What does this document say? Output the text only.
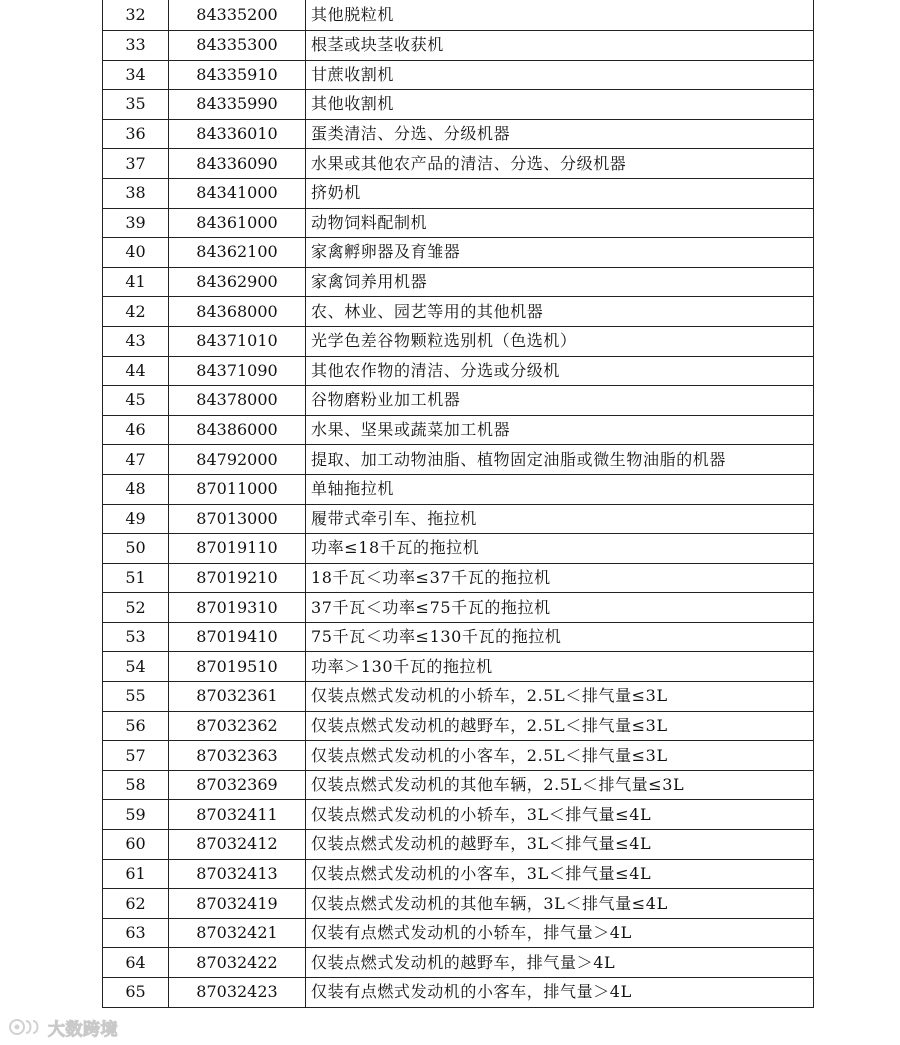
32	84335200	其他脱粒机
33	84335300	根茎或块茎收获机
34	84335910	甘蔗收割机
35	84335990	其他收割机
36	84336010	蛋类清洁、分选、分级机器
37	84336090	水果或其他农产品的清洁、分选、分级机器
38	84341000	挤奶机
39	84361000	动物饲料配制机
40	84362100	家禽孵卵器及育雏器
41	84362900	家禽饲养用机器
42	84368000	农、林业、园艺等用的其他机器
43	84371010	光学色差谷物颗粒选别机（色选机）
44	84371090	其他农作物的清洁、分选或分级机
45	84378000	谷物磨粉业加工机器
46	84386000	水果、坚果或蔬菜加工机器
47	84792000	提取、加工动物油脂、植物固定油脂或微生物油脂的机器
48	87011000	单轴拖拉机
49	87013000	履带式牵引车、拖拉机
50	87019110	功率≤18千瓦的拖拉机
51	87019210	18千瓦＜功率≤37千瓦的拖拉机
52	87019310	37千瓦＜功率≤75千瓦的拖拉机
53	87019410	75千瓦＜功率≤130千瓦的拖拉机
54	87019510	功率＞130千瓦的拖拉机
55	87032361	仅装点燃式发动机的小轿车，2.5L＜排气量≤3L
56	87032362	仅装点燃式发动机的越野车，2.5L＜排气量≤3L
57	87032363	仅装点燃式发动机的小客车，2.5L＜排气量≤3L
58	87032369	仅装点燃式发动机的其他车辆，2.5L＜排气量≤3L
59	87032411	仅装点燃式发动机的小轿车，3L＜排气量≤4L
60	87032412	仅装点燃式发动机的越野车，3L＜排气量≤4L
61	87032413	仅装点燃式发动机的小客车，3L＜排气量≤4L
62	87032419	仅装点燃式发动机的其他车辆，3L＜排气量≤4L
63	87032421	仅装有点燃式发动机的小轿车，排气量＞4L
64	87032422	仅装点燃式发动机的越野车，排气量＞4L
65	87032423	仅装有点燃式发动机的小客车，排气量＞4L
大数跨境
